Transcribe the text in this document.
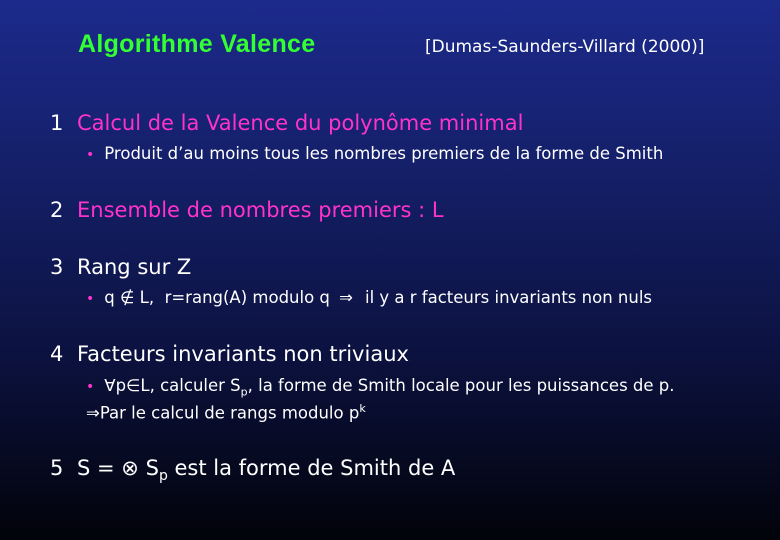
Algorithme Valence	[Dumas-Saunders-Villard (2000)]
1 Calcul de la Valence du polynôme minimal
• Produit d’au moins tous les nombres premiers de la forme de Smith
2 Ensemble de nombres premiers : L
3 Rang sur Z
• q ∉ L, r=rang(A) modulo q ⇒ il y a r facteurs invariants non nuls
4 Facteurs invariants non triviaux
• ∀p∈L, calculer $S_p$, la forme de Smith locale pour les puissances de p.
⇒Par le calcul de rangs modulo $p^k$
5 S = ⊗ $S_p$ est la forme de Smith de A
